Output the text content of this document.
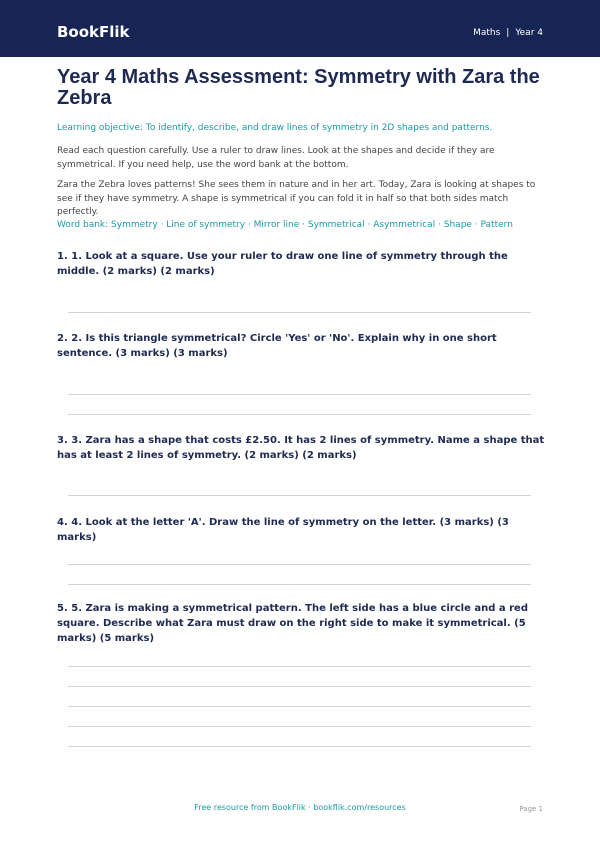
BookFlik	Maths | Year 4
Year 4 Maths Assessment: Symmetry with Zara the Zebra
Learning objective: To identify, describe, and draw lines of symmetry in 2D shapes and patterns.
Read each question carefully. Use a ruler to draw lines. Look at the shapes and decide if they are symmetrical. If you need help, use the word bank at the bottom.
Zara the Zebra loves patterns! She sees them in nature and in her art. Today, Zara is looking at shapes to see if they have symmetry. A shape is symmetrical if you can fold it in half so that both sides match perfectly.
Word bank: Symmetry · Line of symmetry · Mirror line · Symmetrical · Asymmetrical · Shape · Pattern
1. 1. Look at a square. Use your ruler to draw one line of symmetry through the middle. (2 marks) (2 marks)
2. 2. Is this triangle symmetrical? Circle 'Yes' or 'No'. Explain why in one short sentence. (3 marks) (3 marks)
3. 3. Zara has a shape that costs £2.50. It has 2 lines of symmetry. Name a shape that has at least 2 lines of symmetry. (2 marks) (2 marks)
4. 4. Look at the letter 'A'. Draw the line of symmetry on the letter. (3 marks) (3 marks)
5. 5. Zara is making a symmetrical pattern. The left side has a blue circle and a red square. Describe what Zara must draw on the right side to make it symmetrical. (5 marks) (5 marks)
Free resource from BookFlik · bookflik.com/resources	Page 1
